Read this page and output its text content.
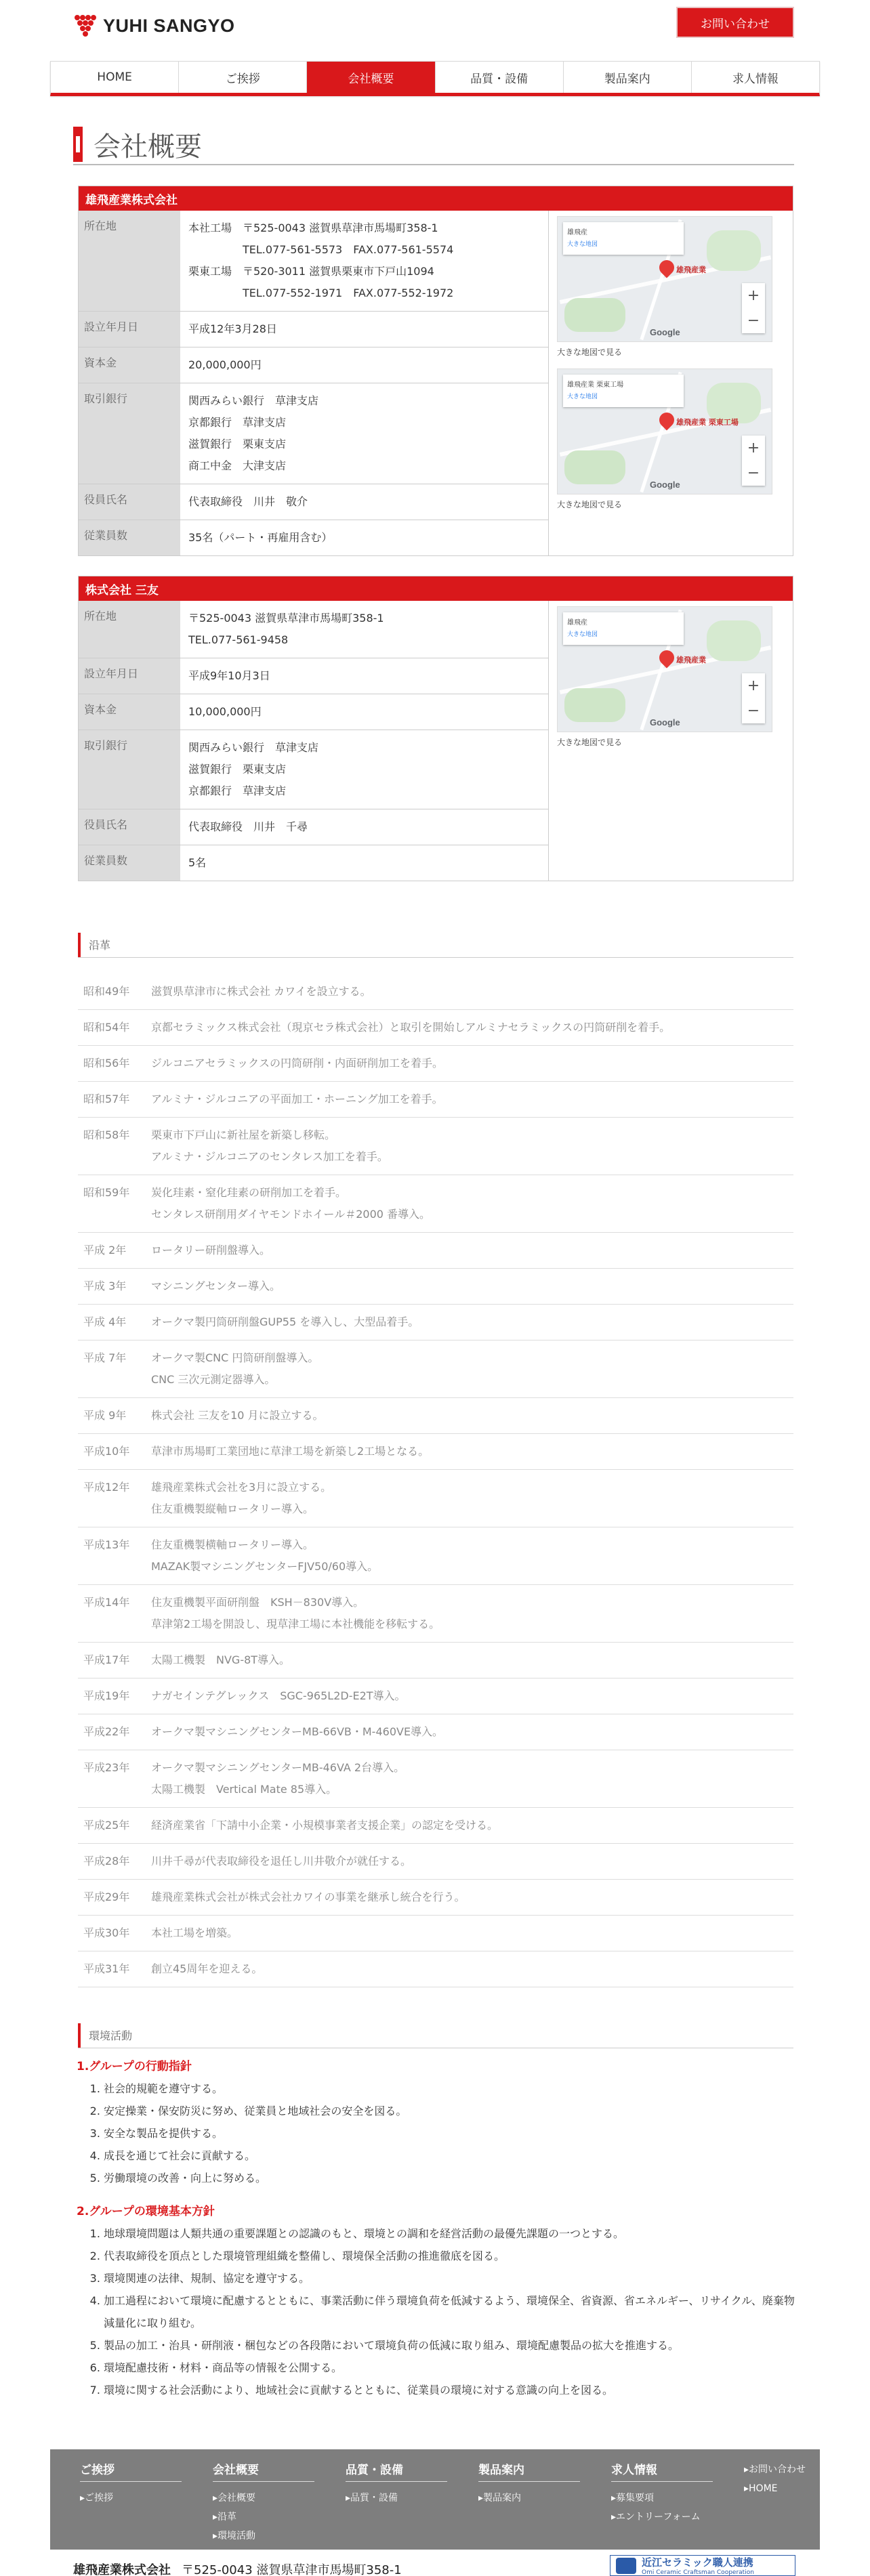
YUHI SANGYO	お問い合わせ
HOME	ご挨拶	会社概要	品質・設備	製品案内	求人情報
会社概要
雄飛産業株式会社
所在地	本社工場　〒525-0043 滋賀県草津市馬場町358-1
　　　　　TEL.077-561-5573　FAX.077-561-5574
栗東工場　〒520-3011 滋賀県栗東市下戸山1094
　　　　　TEL.077-552-1971　FAX.077-552-1972
設立年月日	平成12年3月28日
資本金	20,000,000円
取引銀行	関西みらい銀行　草津支店
京都銀行　草津支店
滋賀銀行　栗東支店
商工中金　大津支店
役員氏名	代表取締役　川井　敬介
従業員数	35名（パート・再雇用含む）
雄飛産
大きな地図
雄飛産業
+
−
Google
大きな地図で見る
雄飛産業 栗東工場
大きな地図
雄飛産業 栗東工場
+
−
Google
大きな地図で見る
株式会社 三友
所在地	〒525-0043 滋賀県草津市馬場町358-1
TEL.077-561-9458
設立年月日	平成9年10月3日
資本金	10,000,000円
取引銀行	関西みらい銀行　草津支店
滋賀銀行　栗東支店
京都銀行　草津支店
役員氏名	代表取締役　川井　千尋
従業員数	5名
雄飛産
大きな地図
雄飛産業
+
−
Google
大きな地図で見る
沿革
昭和49年	滋賀県草津市に株式会社 カワイを設立する。
昭和54年	京都セラミックス株式会社（現京セラ株式会社）と取引を開始しアルミナセラミックスの円筒研削を着手。
昭和56年	ジルコニアセラミックスの円筒研削・内面研削加工を着手。
昭和57年	アルミナ・ジルコニアの平面加工・ホーニング加工を着手。
昭和58年	栗東市下戸山に新社屋を新築し移転。
アルミナ・ジルコニアのセンタレス加工を着手。
昭和59年	炭化珪素・窒化珪素の研削加工を着手。
センタレス研削用ダイヤモンドホイール＃2000 番導入。
平成 2年	ロータリー研削盤導入。
平成 3年	マシニングセンター導入。
平成 4年	オークマ製円筒研削盤GUP55 を導入し、大型品着手。
平成 7年	オークマ製CNC 円筒研削盤導入。
CNC 三次元測定器導入。
平成 9年	株式会社 三友を10 月に設立する。
平成10年	草津市馬場町工業団地に草津工場を新築し2工場となる。
平成12年	雄飛産業株式会社を3月に設立する。
住友重機製縦軸ロータリー導入。
平成13年	住友重機製横軸ロータリー導入。
MAZAK製マシニングセンターFJV50/60導入。
平成14年	住友重機製平面研削盤　KSH－830V導入。
草津第2工場を開設し、現草津工場に本社機能を移転する。
平成17年	太陽工機製　NVG-8T導入。
平成19年	ナガセインテグレックス　SGC-965L2D-E2T導入。
平成22年	オークマ製マシニングセンターMB-66VB・M-460VE導入。
平成23年	オークマ製マシニングセンターMB-46VA 2台導入。
太陽工機製　Vertical Mate 85導入。
平成25年	経済産業省「下請中小企業・小規模事業者支援企業」の認定を受ける。
平成28年	川井千尋が代表取締役を退任し川井敬介が就任する。
平成29年	雄飛産業株式会社が株式会社カワイの事業を継承し統合を行う。
平成30年	本社工場を増築。
平成31年	創立45周年を迎える。
環境活動
1.グループの行動指針
1. 社会的規範を遵守する。
2. 安定操業・保安防災に努め、従業員と地域社会の安全を図る。
3. 安全な製品を提供する。
4. 成長を通じて社会に貢献する。
5. 労働環境の改善・向上に努める。
2.グループの環境基本方針
1. 地球環境問題は人類共通の重要課題との認識のもと、環境との調和を経営活動の最優先課題の一つとする。
2. 代表取締役を頂点とした環境管理組織を整備し、環境保全活動の推進徹底を図る。
3. 環境関連の法律、規制、協定を遵守する。
4. 加工過程において環境に配慮するとともに、事業活動に伴う環境負荷を低減するよう、環境保全、省資源、省エネルギー、リサイクル、廃棄物減量化に取り組む。
5. 製品の加工・治具・研削液・梱包などの各段階において環境負荷の低減に取り組み、環境配慮製品の拡大を推進する。
6. 環境配慮技術・材料・商品等の情報を公開する。
7. 環境に関する社会活動により、地域社会に貢献するとともに、従業員の環境に対する意識の向上を図る。
ご挨拶
▸ご挨拶
会社概要
▸会社概要
▸沿革
▸環境活動
品質・設備
▸品質・設備
製品案内
▸製品案内
求人情報
▸募集要項
▸エントリーフォーム
▸お問い合わせ
▸HOME
雄飛産業株式会社 〒525-0043 滋賀県草津市馬場町358-1
近江セラミック職人連携
Omi Ceramic Craftsman Cooperation
